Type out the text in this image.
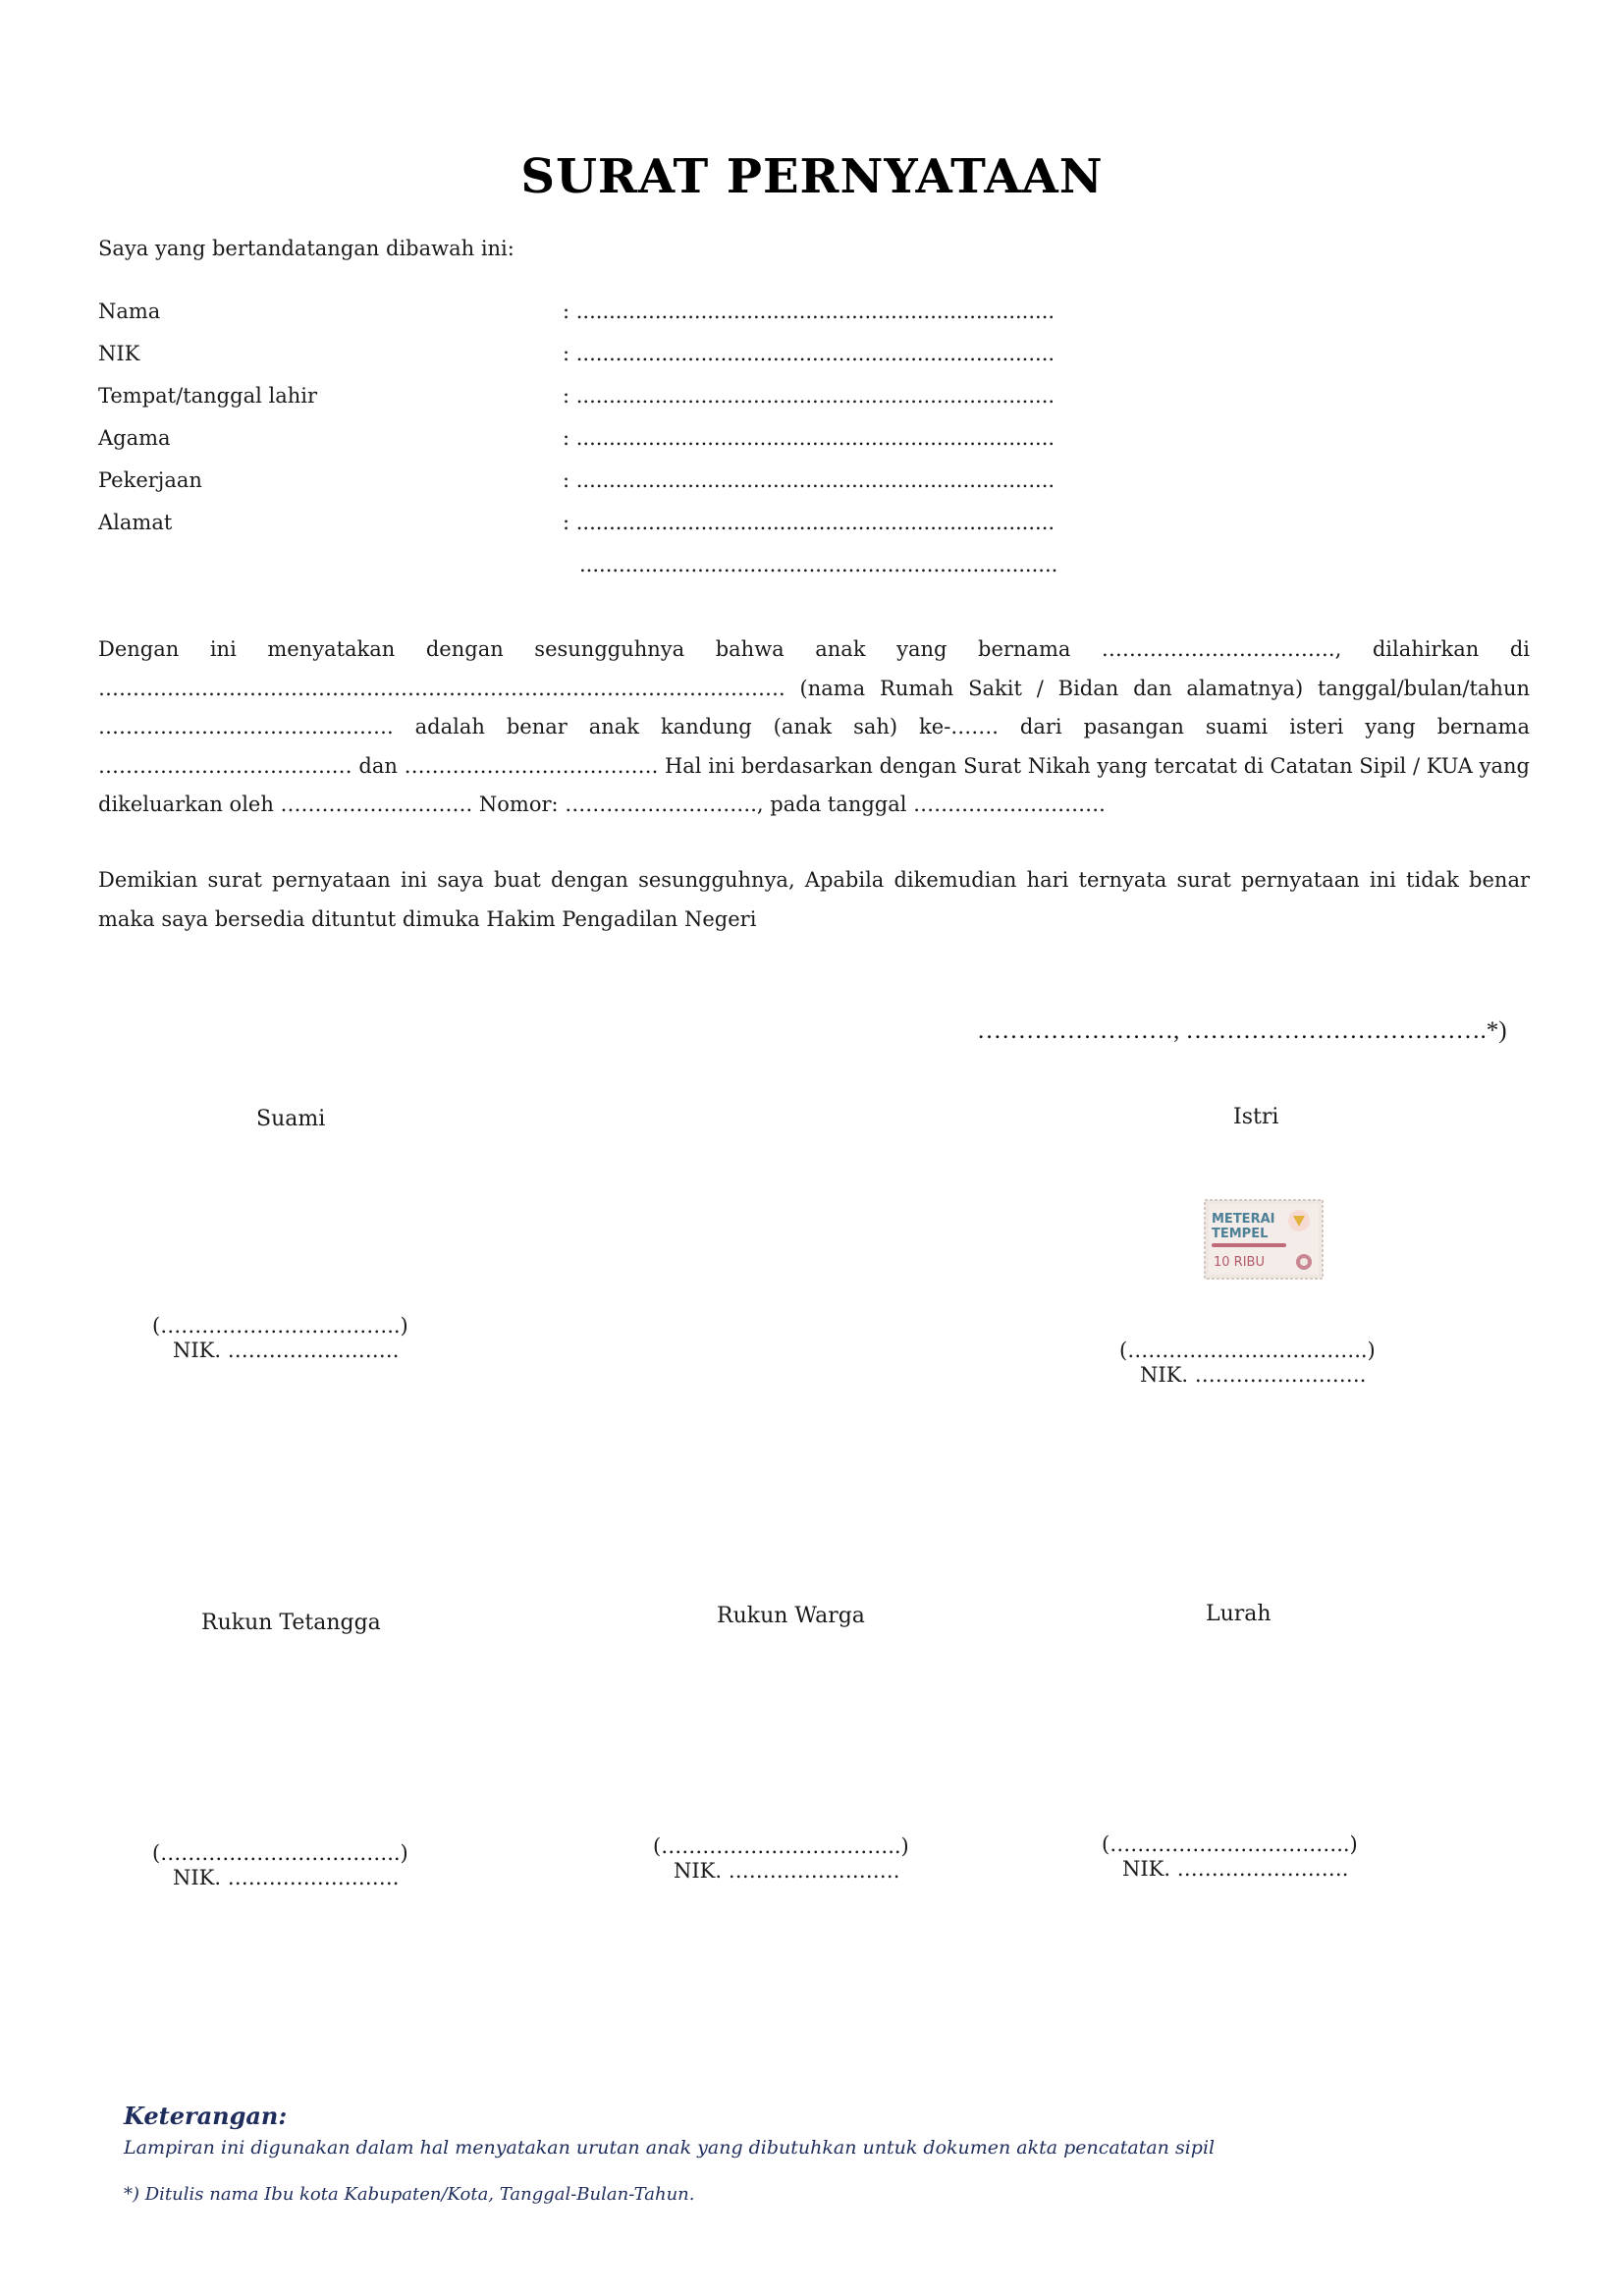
SURAT PERNYATAAN
Saya yang bertandatangan dibawah ini:
Nama	: .........................................................................
NIK	: .........................................................................
Tempat/tanggal lahir	: .........................................................................
Agama	: .........................................................................
Pekerjaan	: .........................................................................
Alamat	: .........................................................................
.........................................................................
Dengan ini menyatakan dengan sesungguhnya bahwa anak yang bernama ……………………………., dilahirkan di ………………………………………………………………………………………. (nama Rumah Sakit / Bidan dan alamatnya) tanggal/bulan/tahun ……………………………………. adalah benar anak kandung (anak sah) ke-……. dari pasangan suami isteri yang bernama …………………………….… dan ………………………………. Hal ini berdasarkan dengan Surat Nikah yang tercatat di Catatan Sipil / KUA yang dikeluarkan oleh ………………………. Nomor: ………………………., pada tanggal ……………………….
Demikian surat pernyataan ini saya buat dengan sesungguhnya, Apabila dikemudian hari ternyata surat pernyataan ini tidak benar maka saya bersedia dituntut dimuka Hakim Pengadilan Negeri
……………………, ……………………………….*)
Suami
(……………………………..)
NIK. …………………….
Istri
METERAI
TEMPEL
10 RIBU
(……………………………..)
NIK. …………………….
Rukun Tetangga
(……………………………..)
NIK. …………………….
Rukun Warga
(……………………………..)
NIK. …………………….
Lurah
(……………………………..)
NIK. …………………….
Keterangan:
Lampiran ini digunakan dalam hal menyatakan urutan anak yang dibutuhkan untuk dokumen akta pencatatan sipil
*) Ditulis nama Ibu kota Kabupaten/Kota, Tanggal-Bulan-Tahun.
